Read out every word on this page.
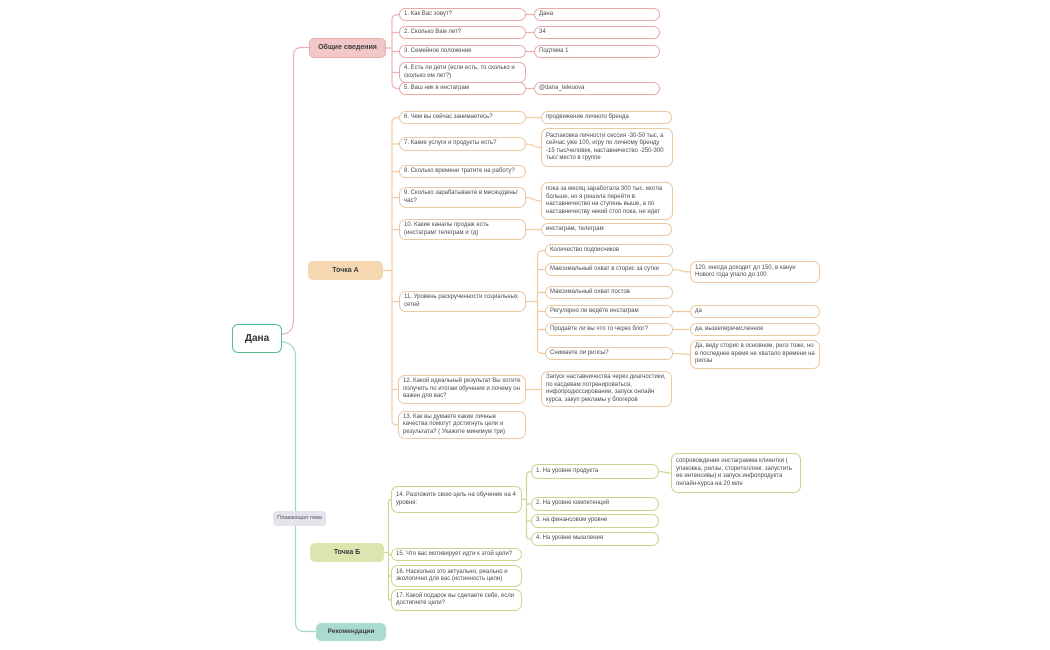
Дана
Общие сведения
Точка А
Точка Б
Рекомендации
Плавающая тема
1. Как Вас зовут?	Дана
2. Сколько Вам лет?	34
3. Семейное положение	Подтема 1
4. Есть ли дети (если есть, то сколько и сколько им лет?)
5. Ваш ник в инстаграм	@dana_teleuova
6. Чем вы сейчас занимаетесь?	продвижение личного бренда
7. Какие услуги и продукты есть?
Распаковка личности сессия -30-50 тыс, а сейчас уже 100, игру по личному бренду -15 тыс/человек, наставничество -250-300 тыс/ место в группе
8. Сколько времени тратите на работу?
9. Сколько зарабатываете в месяц/день/ час?
пока за месяц заработала 300 тыс. могла больше, но я решила перейти в наставничество на ступень выше, а по наставничеству некий стоп пока, не идет
10. Какие каналы продаж есть (инстаграм/ телеграм и тд)
инстаграм, телеграм
11. Уровень раскрученности социальных сетей
Количество подписчиков
Максимальный охват в сторис за сутки	120, иногда доходит дл 150, в канун Нового года упало до 100
Максимальный охват постов
Регулярно ли ведёте инстаграм	да
Продаёте ли вы что то через блог?	да, вышеперечисленное
Снимаете ли рилсы?
Да, веду сторис в основном, рилз тоже, но в последнее время не хватало времени на рилзы
12. Какой идеальный результат Вы хотите получить по итогам обучения и почему он важен для вас?
Запуск наставничества через диагностики, по касдевам потренироваться, инфопродюссировании, запуск онлайн курса, закуп рекламы у блогеров
13. Как вы думаете какие личные качества помогут достигнуть цели и результата? ( Укажите минимум три)
14. Разложите свою цель на обучение на 4 уровня:
1. На уровне продукта
сопровождение инстаграмма клиентки ( упаковка, рилзы, сторителлинг, запустить ее интенсивы) и запуск инфопродукта онлайн-курса на 20 млн
2. На уровне компетенций
3. на финансовом уровне
4. На уровне мышления
15. Что вас мотивирует идти к этой цели?
16. Насколько это актуально, реально и экологично для вас (истинность цели)
17. Какой подарок вы сделаете себе, если достигнете цели?
